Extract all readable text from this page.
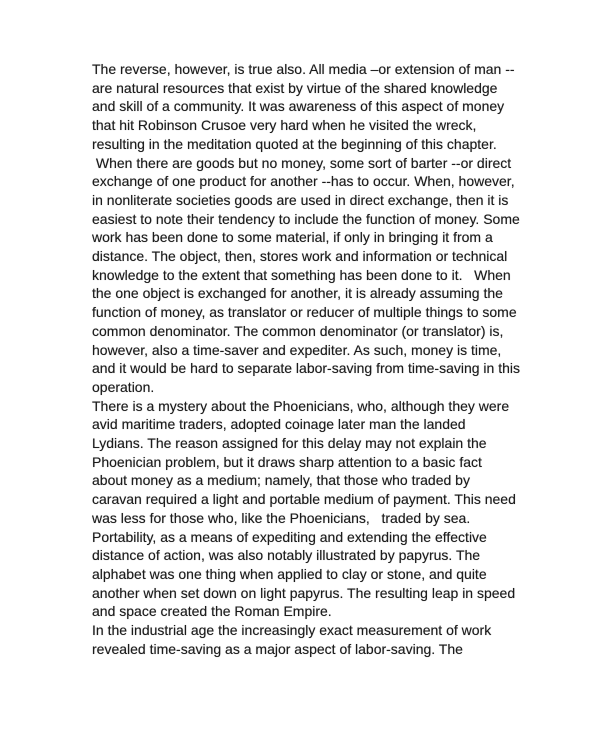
The reverse, however, is true also. All media –or extension of man --
are natural resources that exist by virtue of the shared knowledge
and skill of a community. It was awareness of this aspect of money
that hit Robinson Crusoe very hard when he visited the wreck,
resulting in the meditation quoted at the beginning of this chapter.
When there are goods but no money, some sort of barter --or direct
exchange of one product for another --has to occur. When, however,
in nonliterate societies goods are used in direct exchange, then it is
easiest to note their tendency to include the function of money. Some
work has been done to some material, if only in bringing it from a
distance. The object, then, stores work and information or technical
knowledge to the extent that something has been done to it.   When
the one object is exchanged for another, it is already assuming the
function of money, as translator or reducer of multiple things to some
common denominator. The common denominator (or translator) is,
however, also a time-saver and expediter. As such, money is time,
and it would be hard to separate labor-saving from time-saving in this
operation.
There is a mystery about the Phoenicians, who, although they were
avid maritime traders, adopted coinage later man the landed
Lydians. The reason assigned for this delay may not explain the
Phoenician problem, but it draws sharp attention to a basic fact
about money as a medium; namely, that those who traded by
caravan required a light and portable medium of payment. This need
was less for those who, like the Phoenicians,   traded by sea.
Portability, as a means of expediting and extending the effective
distance of action, was also notably illustrated by papyrus. The
alphabet was one thing when applied to clay or stone, and quite
another when set down on light papyrus. The resulting leap in speed
and space created the Roman Empire.
In the industrial age the increasingly exact measurement of work
revealed time-saving as a major aspect of labor-saving. The
